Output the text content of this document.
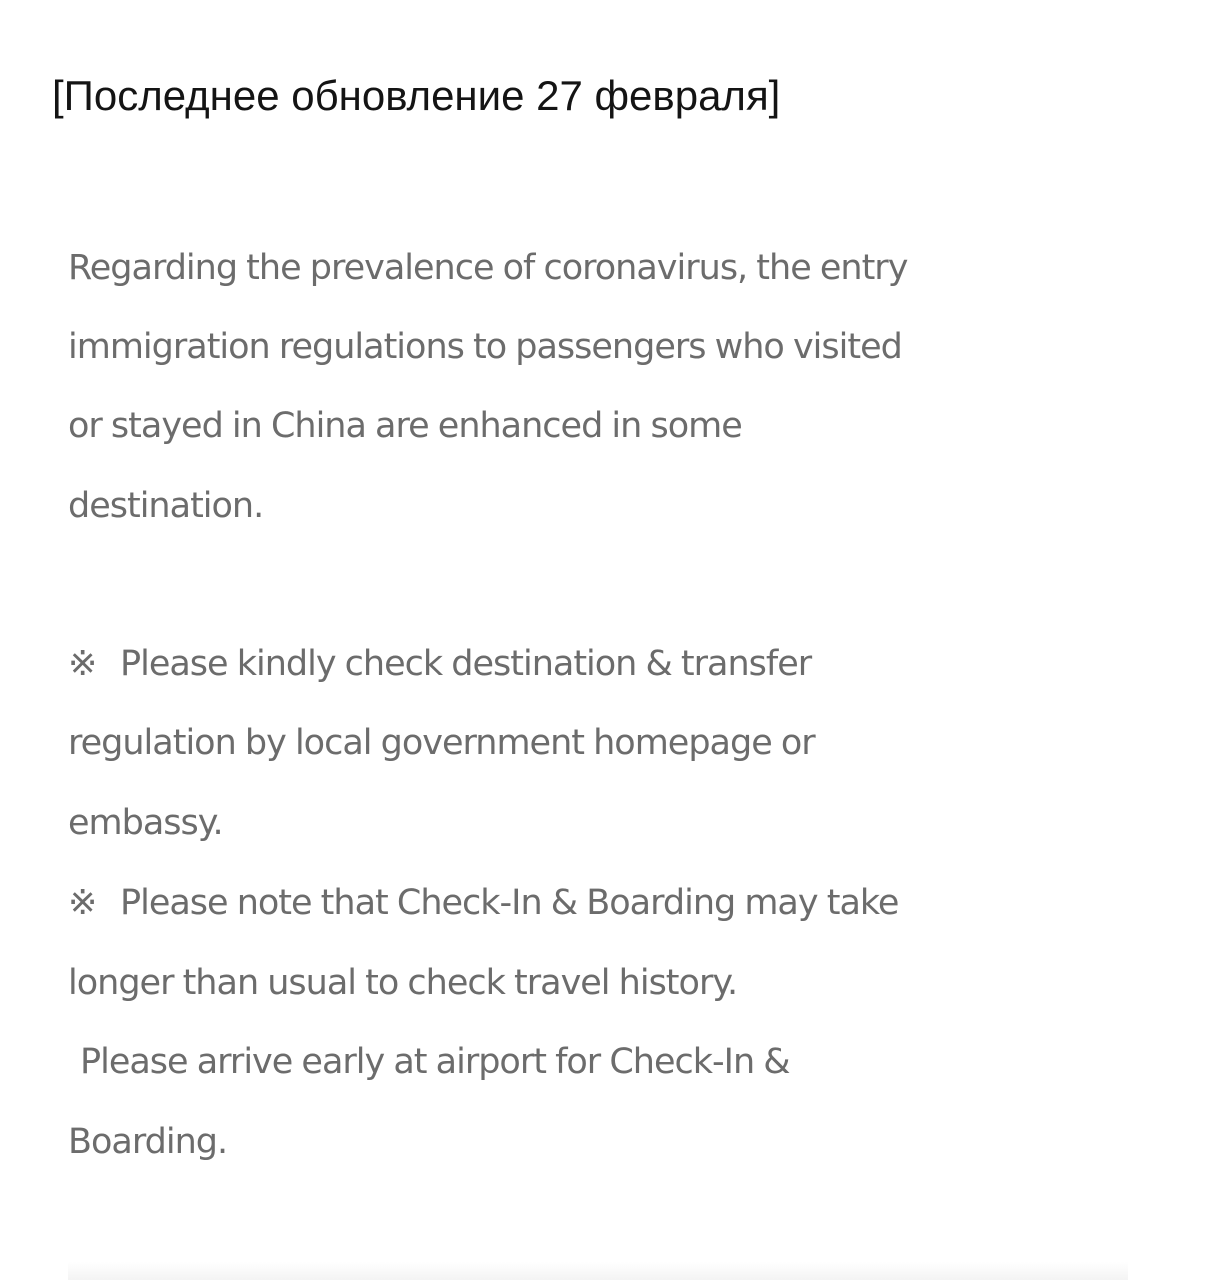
[Последнее обновление 27 февраля]
Regarding the prevalence of coronavirus, the entry
immigration regulations to passengers who visited
or stayed in China are enhanced in some
destination.
※ Please kindly check destination & transfer
regulation by local government homepage or
embassy.
※ Please note that Check-In & Boarding may take
longer than usual to check travel history.
Please arrive early at airport for Check-In &
Boarding.
